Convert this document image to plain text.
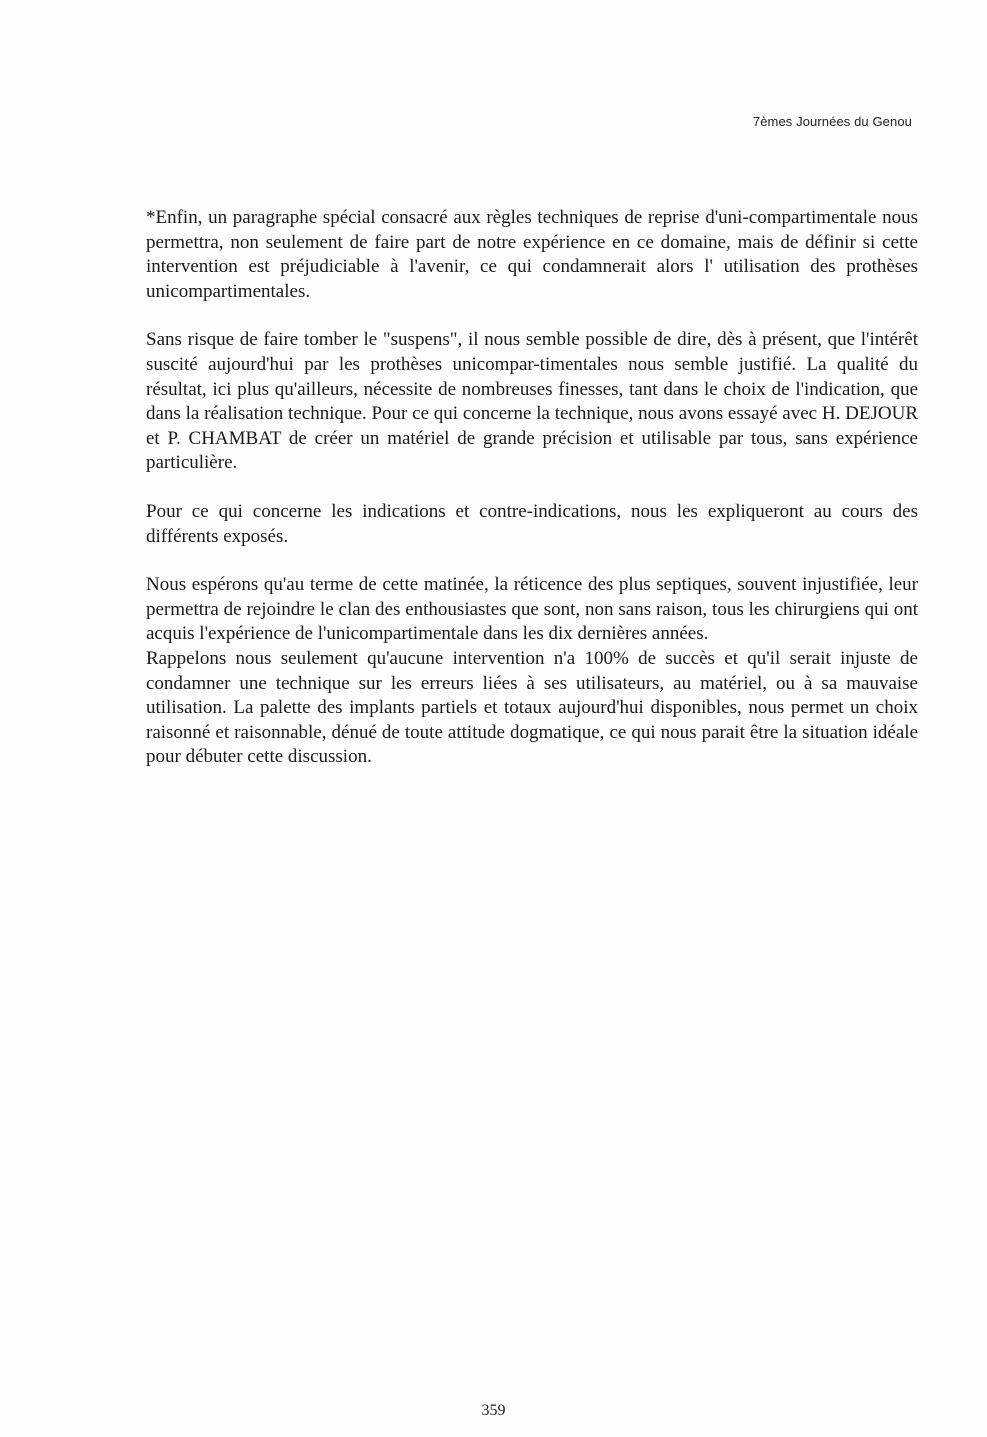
7èmes Journées du Genou

*Enfin, un paragraphe spécial consacré aux règles techniques de reprise d'uni-compartimentale nous permettra, non seulement de faire part de notre expérience en ce domaine, mais de définir si cette intervention est préjudiciable à l'avenir, ce qui condamnerait alors l' utilisation des prothèses unicompartimentales.

Sans risque de faire tomber le "suspens", il nous semble possible de dire, dès à présent, que l'intérêt suscité aujourd'hui par les prothèses unicompar-timentales nous semble justifié. La qualité du résultat, ici plus qu'ailleurs, nécessite de nombreuses finesses, tant dans le choix de l'indication, que dans la réalisation technique. Pour ce qui concerne la technique, nous avons essayé avec H. DEJOUR et P. CHAMBAT de créer un matériel de grande précision et utilisable par tous, sans expérience particulière.

Pour ce qui concerne les indications et contre-indications, nous les expliqueront au cours des différents exposés.

Nous espérons qu'au terme de cette matinée, la réticence des plus septiques, souvent injustifiée, leur permettra de rejoindre le clan des enthousiastes que sont, non sans raison, tous les chirurgiens qui ont acquis l'expérience de l'unicompartimentale dans les dix dernières années.

Rappelons nous seulement qu'aucune intervention n'a 100% de succès et qu'il serait injuste de condamner une technique sur les erreurs liées à ses utilisateurs, au matériel, ou à sa mauvaise utilisation. La palette des implants partiels et totaux aujourd'hui disponibles, nous permet un choix raisonné et raisonnable, dénué de toute attitude dogmatique, ce qui nous parait être la situation idéale pour débuter cette discussion.

359
